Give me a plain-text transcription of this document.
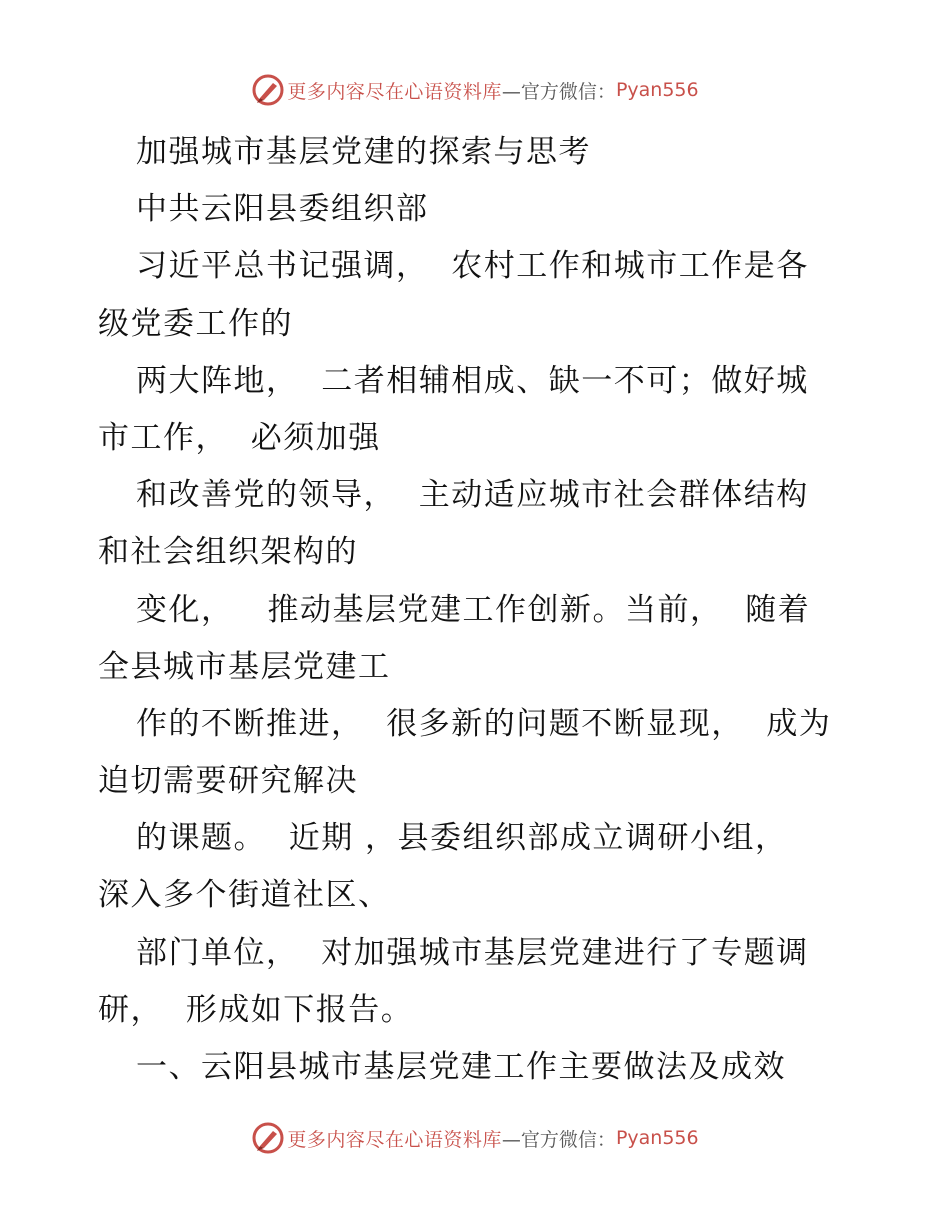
更多内容尽在心语资料库 —官方微信： Pyan556
加强城市基层党建的探索与思考
中共云阳县委组织部
习近平总书记强调，  农村工作和城市工作是各
级党委工作的
两大阵地，  二者相辅相成、缺一不可；做好城
市工作，  必须加强
和改善党的领导，  主动适应城市社会群体结构
和社会组织架构的
变化，   推动基层党建工作创新。当前，  随着
全县城市基层党建工
作的不断推进，  很多新的问题不断显现，  成为
迫切需要研究解决
的课题。  近期 ，县委组织部成立调研小组，
深入多个街道社区、
部门单位，  对加强城市基层党建进行了专题调
研，  形成如下报告。
一、云阳县城市基层党建工作主要做法及成效
更多内容尽在心语资料库 —官方微信： Pyan556
